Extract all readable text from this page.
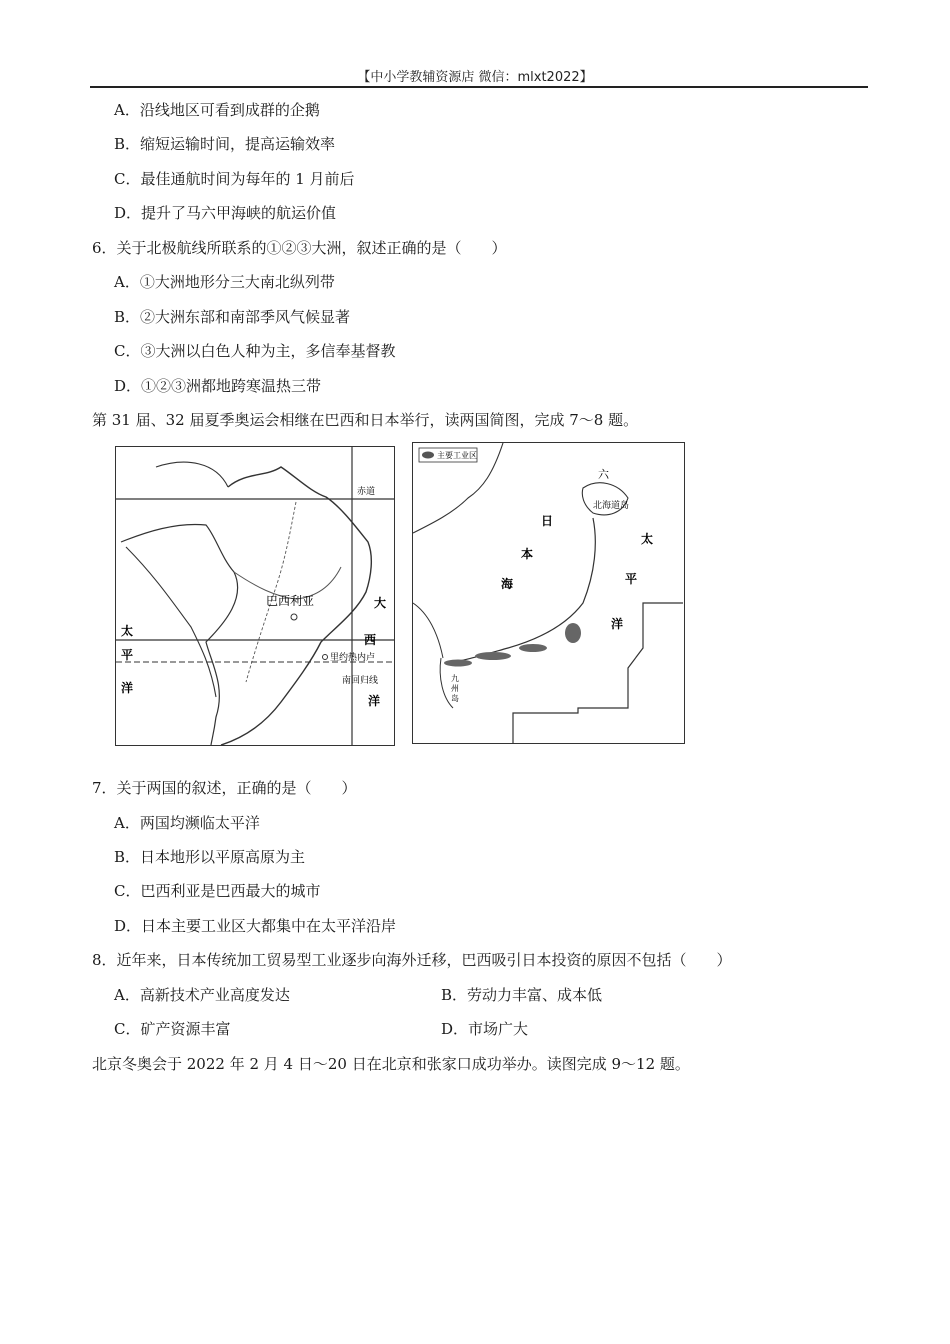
【中小学教辅资源店 微信：mlxt2022】
A．沿线地区可看到成群的企鹅
B．缩短运输时间，提高运输效率
C．最佳通航时间为每年的 1 月前后
D．提升了马六甲海峡的航运价值
6．关于北极航线所联系的①②③大洲，叙述正确的是（　　）
A．①大洲地形分三大南北纵列带
B．②大洲东部和南部季风气候显著
C．③大洲以白色人种为主，多信奉基督教
D．①②③洲都地跨寒温热三带
第 31 届、32 届夏季奥运会相继在巴西和日本举行，读两国简图，完成 7～8 题。
赤道
巴西利亚
里约热内卢
南回归线
大
西
洋
太
平
洋
主要工业区
六
北海道岛
日
本
海
太
平
洋
九
州
岛
7．关于两国的叙述，正确的是（　　）
A．两国均濒临太平洋
B．日本地形以平原高原为主
C．巴西利亚是巴西最大的城市
D．日本主要工业区大都集中在太平洋沿岸
8．近年来，日本传统加工贸易型工业逐步向海外迁移，巴西吸引日本投资的原因不包括（　　）
A．高新技术产业高度发达	B．劳动力丰富、成本低
C．矿产资源丰富	D．市场广大
北京冬奥会于 2022 年 2 月 4 日～20 日在北京和张家口成功举办。读图完成 9～12 题。
